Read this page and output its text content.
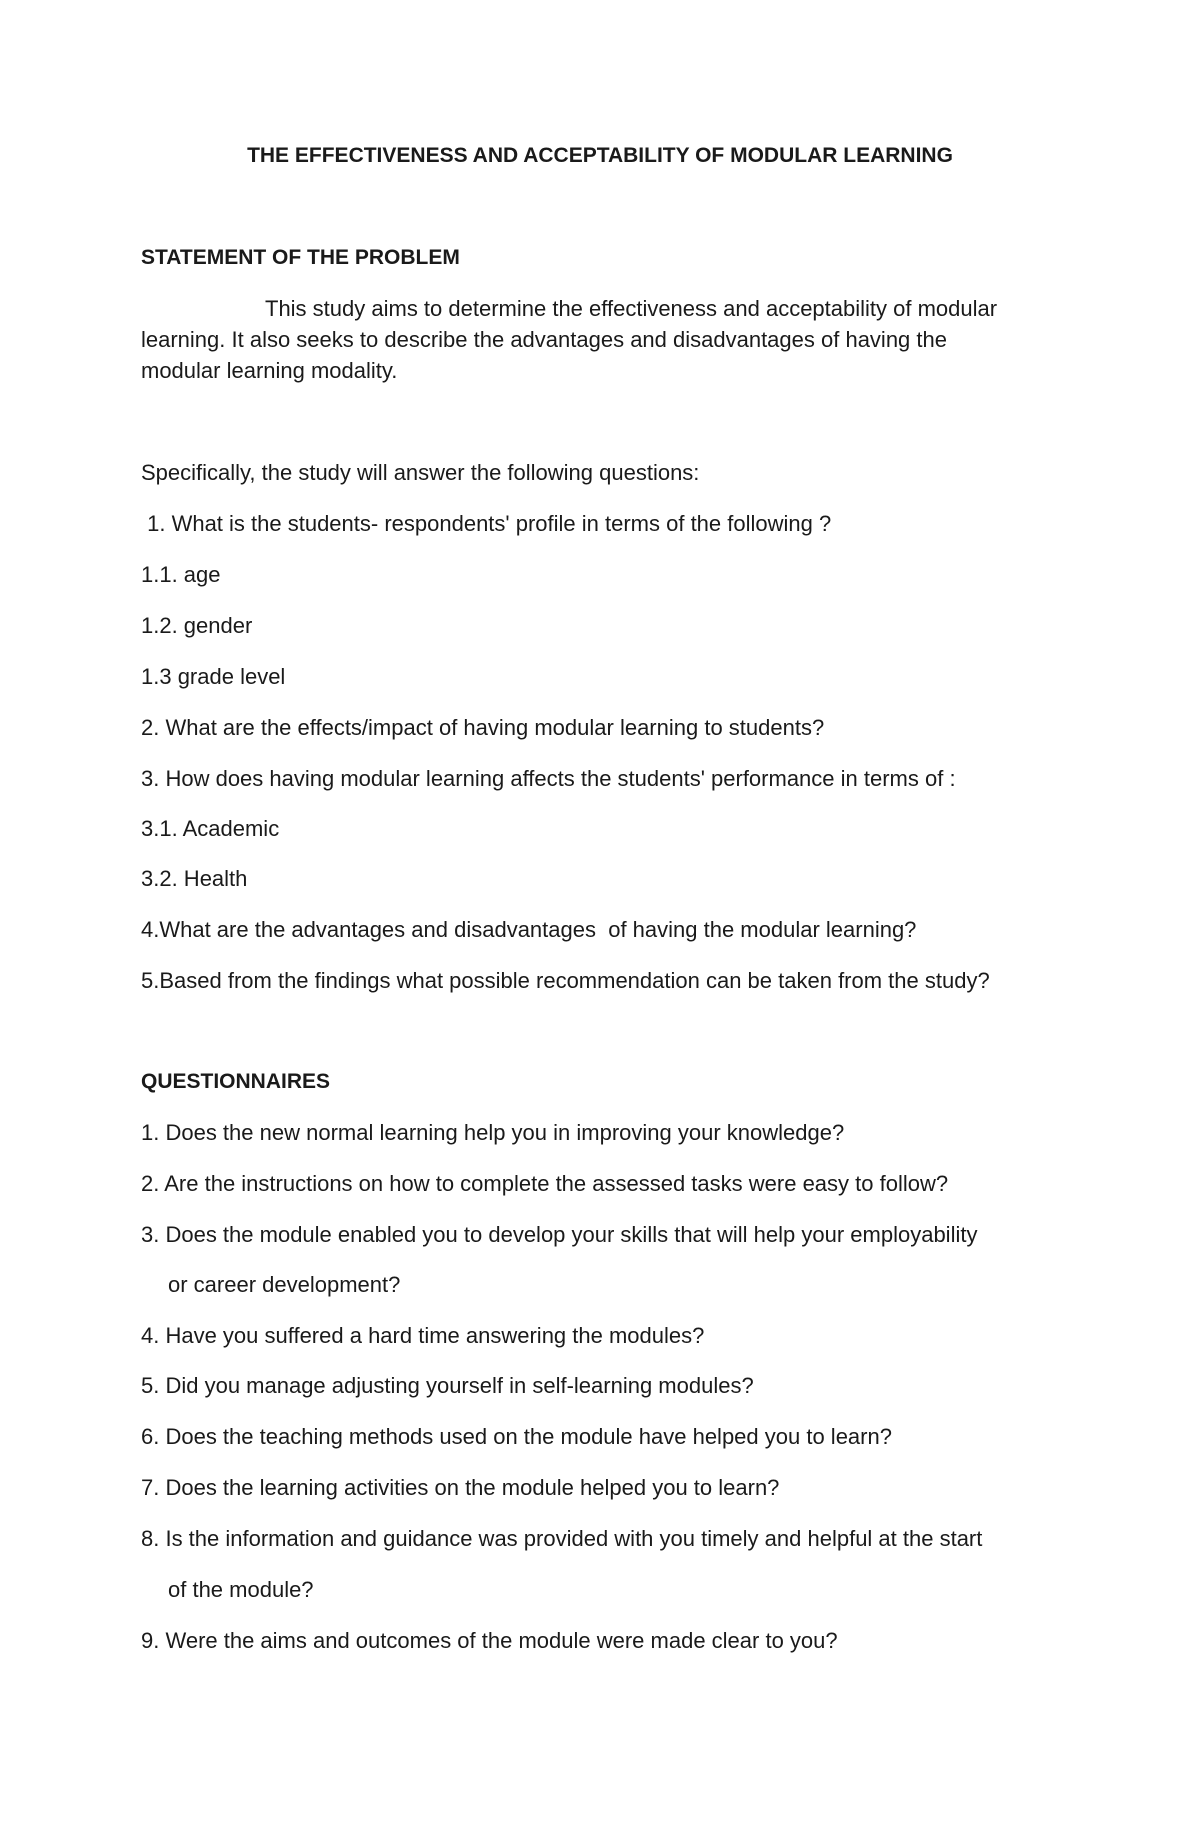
THE EFFECTIVENESS AND ACCEPTABILITY OF MODULAR LEARNING
STATEMENT OF THE PROBLEM
This study aims to determine the effectiveness and acceptability of modular
learning. It also seeks to describe the advantages and disadvantages of having the
modular learning modality.
Specifically, the study will answer the following questions:
1. What is the students- respondents' profile in terms of the following ?
1.1. age
1.2. gender
1.3 grade level
2. What are the effects/impact of having modular learning to students?
3. How does having modular learning affects the students' performance in terms of :
3.1. Academic
3.2. Health
4.What are the advantages and disadvantages  of having the modular learning?
5.Based from the findings what possible recommendation can be taken from the study?
QUESTIONNAIRES
1. Does the new normal learning help you in improving your knowledge?
2. Are the instructions on how to complete the assessed tasks were easy to follow?
3. Does the module enabled you to develop your skills that will help your employability
or career development?
4. Have you suffered a hard time answering the modules?
5. Did you manage adjusting yourself in self-learning modules?
6. Does the teaching methods used on the module have helped you to learn?
7. Does the learning activities on the module helped you to learn?
8. Is the information and guidance was provided with you timely and helpful at the start
of the module?
9. Were the aims and outcomes of the module were made clear to you?
